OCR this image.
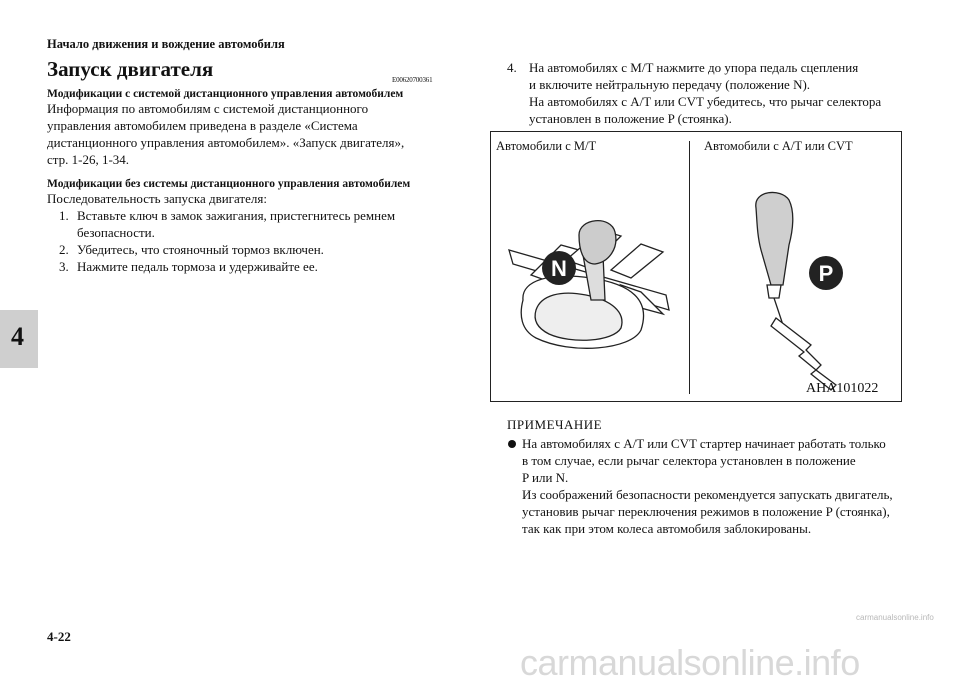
Начало движения и вождение автомобиля
Запуск двигателя	E00620700361
4
Модификации с системой дистанционного управления автомобилем
Информация по автомобилям с системой дистанционного
управления автомобилем приведена в разделе «Система
дистанционного управления автомобилем». «Запуск двигателя»,
стр. 1-26, 1-34.
Модификации без системы дистанционного управления автомобилем
Последовательность запуска двигателя:
1. Вставьте ключ в замок зажигания, пристегнитесь ремнем
безопасности.
2. Убедитесь, что стояночный тормоз включен.
3. Нажмите педаль тормоза и удерживайте ее.
4. На автомобилях с M/T нажмите до упора педаль сцепления
и включите нейтральную передачу (положение N).
На автомобилях с A/T или CVT убедитесь, что рычаг селектора
установлен в положение P (стоянка).
Автомобили с M/T	Автомобили с A/T или CVT
N	P
AHA101022
ПРИМЕЧАНИЕ
На автомобилях с A/T или CVT стартер начинает работать только
в том случае, если рычаг селектора установлен в положение
P или N.
Из соображений безопасности рекомендуется запускать двигатель,
установив рычаг переключения режимов в положение P (стоянка),
так как при этом колеса автомобиля заблокированы.
4-22
carmanualsonline.info
carmanualsonline.info
